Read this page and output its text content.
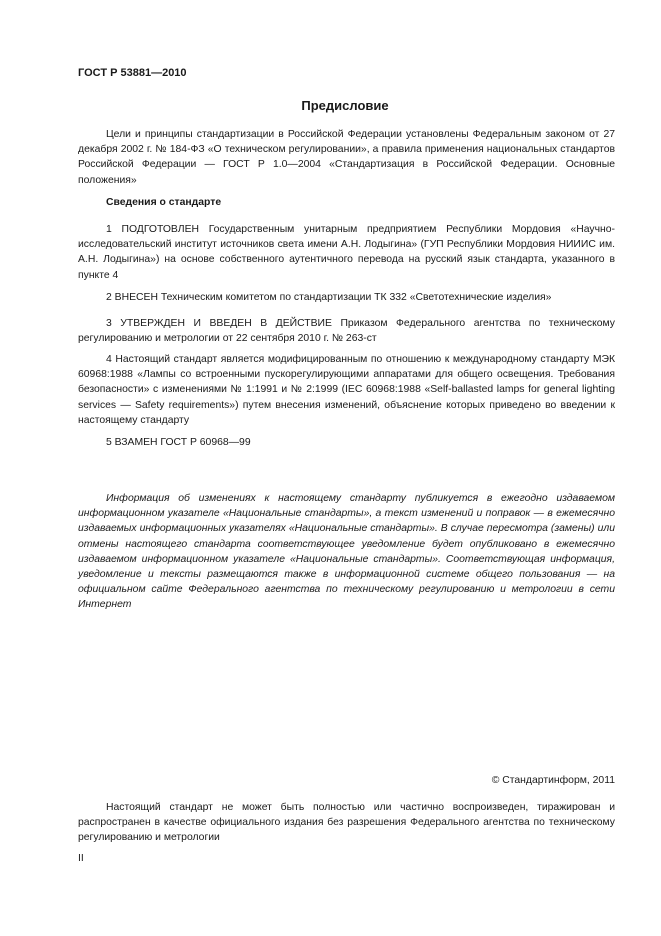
ГОСТ Р 53881—2010
Предисловие

Цели и принципы стандартизации в Российской Федерации установлены Федеральным законом от 27 декабря 2002 г. № 184-ФЗ «О техническом регулировании», а правила применения национальных стандартов Российской Федерации — ГОСТ Р 1.0—2004 «Стандартизация в Российской Федерации. Основные положения»

Сведения о стандарте

1 ПОДГОТОВЛЕН Государственным унитарным предприятием Республики Мордовия «Научно-исследовательский институт источников света имени А.Н. Лодыгина» (ГУП Республики Мордовия НИИИС им. А.Н. Лодыгина») на основе собственного аутентичного перевода на русский язык стандарта, указанного в пункте 4

2 ВНЕСЕН Техническим комитетом по стандартизации ТК 332 «Светотехнические изделия»

3 УТВЕРЖДЕН И ВВЕДЕН В ДЕЙСТВИЕ Приказом Федерального агентства по техническому регулированию и метрологии от 22 сентября 2010 г. № 263-ст

4 Настоящий стандарт является модифицированным по отношению к международному стандарту МЭК 60968:1988 «Лампы со встроенными пускорегулирующими аппаратами для общего освещения. Требования безопасности» с изменениями № 1:1991 и № 2:1999 (IEC 60968:1988 «Self-ballasted lamps for general lighting services — Safety requirements») путем внесения изменений, объяснение которых приведено во введении к настоящему стандарту

5 ВЗАМЕН ГОСТ Р 60968—99

Информация об изменениях к настоящему стандарту публикуется в ежегодно издаваемом информационном указателе «Национальные стандарты», а текст изменений и поправок — в ежемесячно издаваемых информационных указателях «Национальные стандарты». В случае пересмотра (замены) или отмены настоящего стандарта соответствующее уведомление будет опубликовано в ежемесячно издаваемом информационном указателе «Национальные стандарты». Соответствующая информация, уведомление и тексты размещаются также в информационной системе общего пользования — на официальном сайте Федерального агентства по техническому регулированию и метрологии в сети Интернет

© Стандартинформ, 2011

Настоящий стандарт не может быть полностью или частично воспроизведен, тиражирован и распространен в качестве официального издания без разрешения Федерального агентства по техническому регулированию и метрологии

II
